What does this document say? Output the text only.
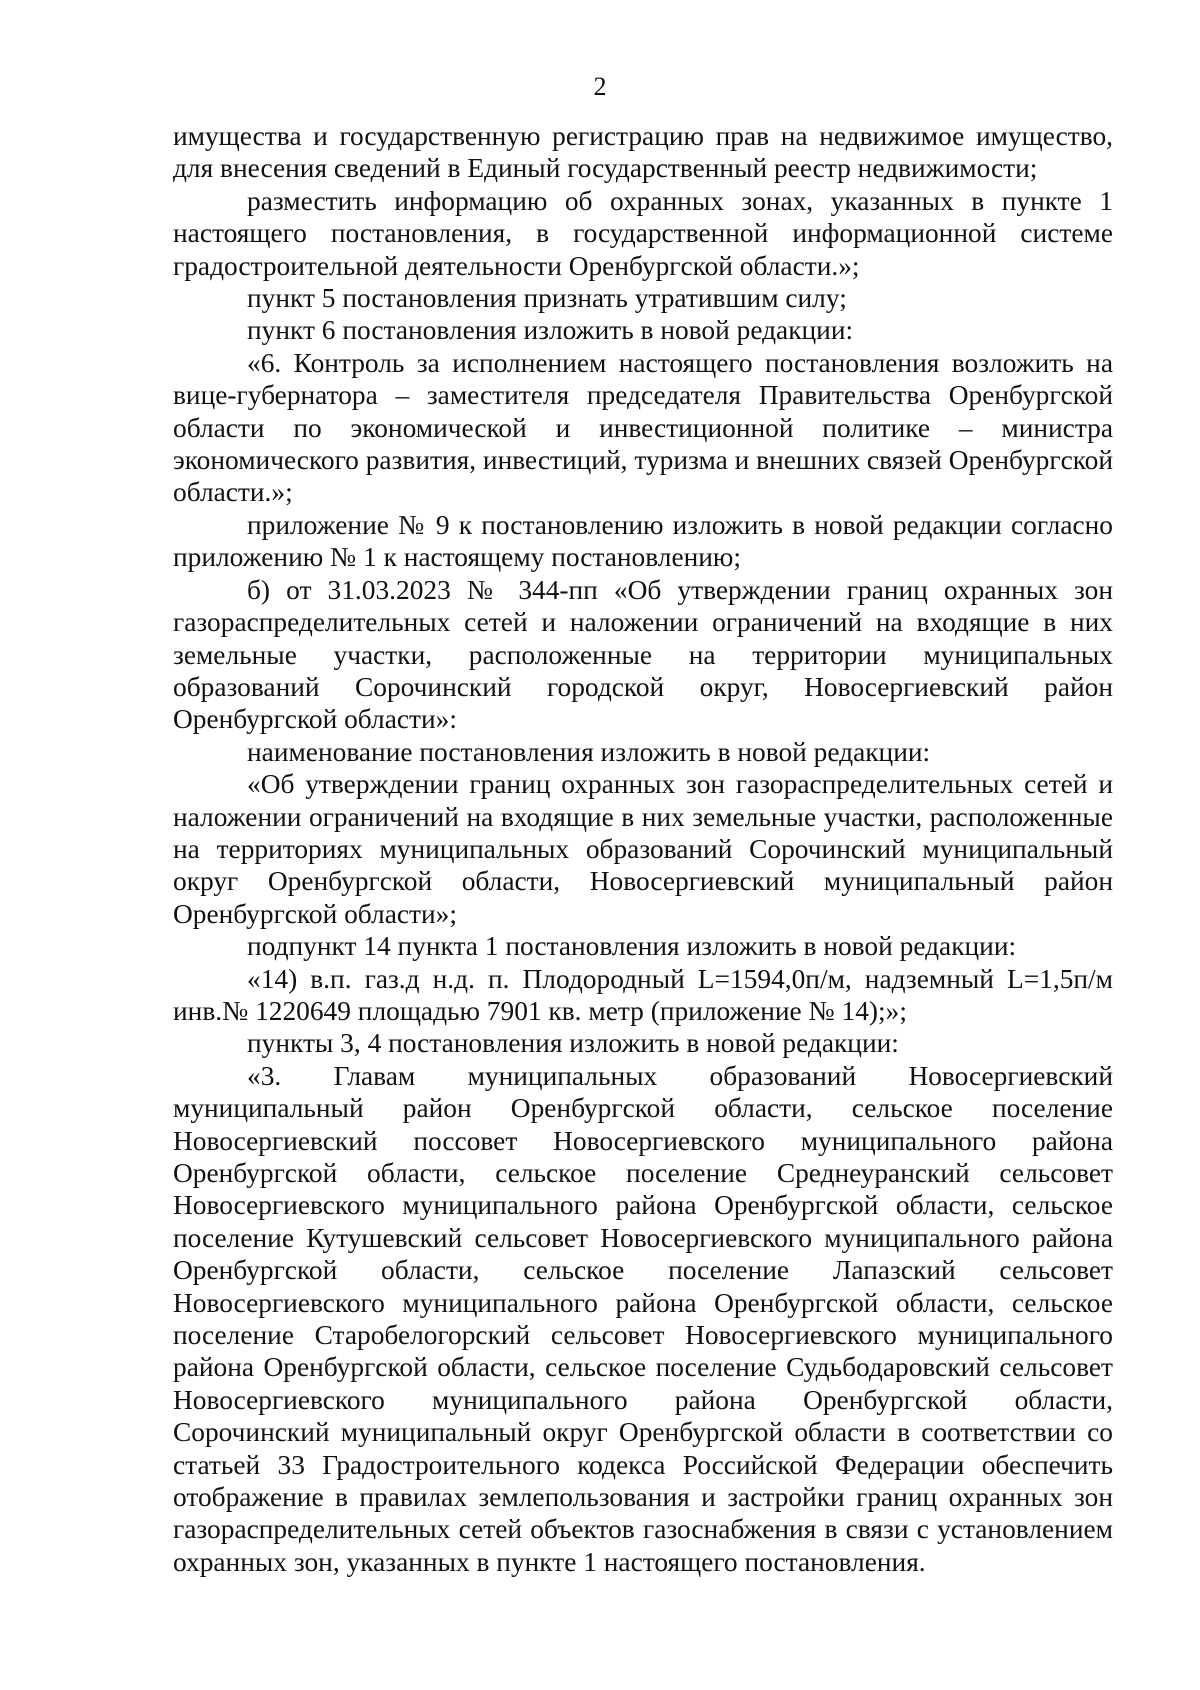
2

имущества и государственную регистрацию прав на недвижимое имущество, для внесения сведений в Единый государственный реестр недвижимости;

разместить информацию об охранных зонах, указанных в пункте 1 настоящего постановления, в государственной информационной системе градостроительной деятельности Оренбургской области.»;

пункт 5 постановления признать утратившим силу;

пункт 6 постановления изложить в новой редакции:

«6. Контроль за исполнением настоящего постановления возложить на вице-губернатора – заместителя председателя Правительства Оренбургской области по экономической и инвестиционной политике – министра экономического развития, инвестиций, туризма и внешних связей Оренбургской области.»;

приложение № 9 к постановлению изложить в новой редакции согласно приложению № 1 к настоящему постановлению;

б) от 31.03.2023 № 344-пп «Об утверждении границ охранных зон газораспределительных сетей и наложении ограничений на входящие в них земельные участки, расположенные на территории муниципальных образований Сорочинский городской округ, Новосергиевский район Оренбургской области»:

наименование постановления изложить в новой редакции:

«Об утверждении границ охранных зон газораспределительных сетей и наложении ограничений на входящие в них земельные участки, расположенные на территориях муниципальных образований Сорочинский муниципальный округ Оренбургской области, Новосергиевский муниципальный район Оренбургской области»;

подпункт 14 пункта 1 постановления изложить в новой редакции:

«14) в.п. газ.д н.д. п. Плодородный L=1594,0п/м, надземный L=1,5п/м инв.№ 1220649 площадью 7901 кв. метр (приложение № 14);»;

пункты 3, 4 постановления изложить в новой редакции:

«3. Главам муниципальных образований Новосергиевский муниципальный район Оренбургской области, сельское поселение Новосергиевский поссовет Новосергиевского муниципального района Оренбургской области, сельское поселение Среднеуранский сельсовет Новосергиевского муниципального района Оренбургской области, сельское поселение Кутушевский сельсовет Новосергиевского муниципального района Оренбургской области, сельское поселение Лапазский сельсовет Новосергиевского муниципального района Оренбургской области, сельское поселение Старобелогорский сельсовет Новосергиевского муниципального района Оренбургской области, сельское поселение Судьбодаровский сельсовет Новосергиевского муниципального района Оренбургской области, Сорочинский муниципальный округ Оренбургской области в соответствии со статьей 33 Градостроительного кодекса Российской Федерации обеспечить отображение в правилах землепользования и застройки границ охранных зон газораспределительных сетей объектов газоснабжения в связи с установлением охранных зон, указанных в пункте 1 настоящего постановления.
